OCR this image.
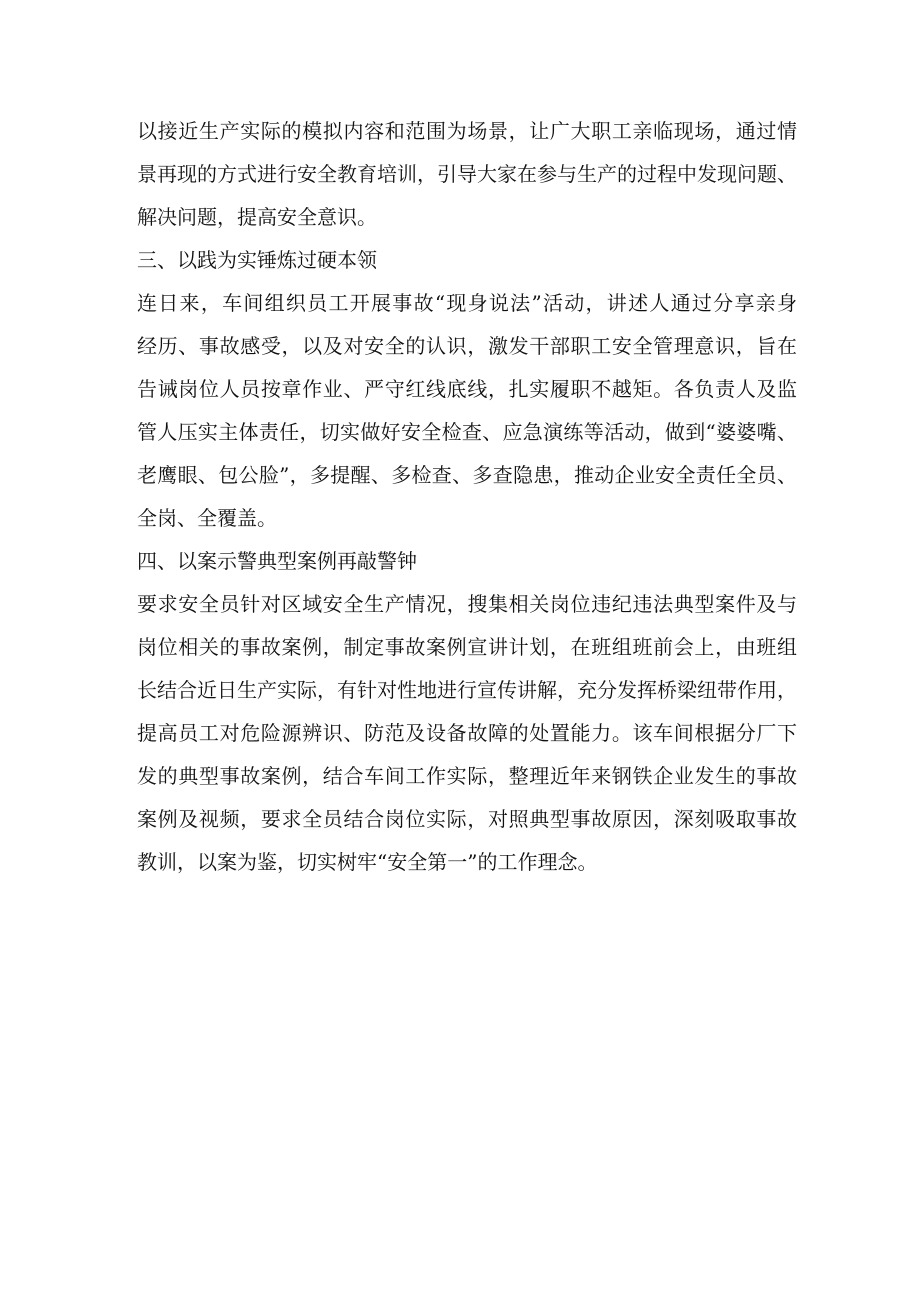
以接近生产实际的模拟内容和范围为场景，让广大职工亲临现场，通过情
景再现的方式进行安全教育培训，引导大家在参与生产的过程中发现问题、
解决问题，提高安全意识。
三、以践为实锤炼过硬本领
连日来，车间组织员工开展事故“现身说法”活动，讲述人通过分享亲身
经历、事故感受，以及对安全的认识，激发干部职工安全管理意识，旨在
告诫岗位人员按章作业、严守红线底线，扎实履职不越矩。各负责人及监
管人压实主体责任，切实做好安全检查、应急演练等活动，做到“婆婆嘴、
老鹰眼、包公脸”，多提醒、多检查、多查隐患，推动企业安全责任全员、
全岗、全覆盖。
四、以案示警典型案例再敲警钟
要求安全员针对区域安全生产情况，搜集相关岗位违纪违法典型案件及与
岗位相关的事故案例，制定事故案例宣讲计划，在班组班前会上，由班组
长结合近日生产实际，有针对性地进行宣传讲解，充分发挥桥梁纽带作用，
提高员工对危险源辨识、防范及设备故障的处置能力。该车间根据分厂下
发的典型事故案例，结合车间工作实际，整理近年来钢铁企业发生的事故
案例及视频，要求全员结合岗位实际，对照典型事故原因，深刻吸取事故
教训，以案为鉴，切实树牢“安全第一”的工作理念。
